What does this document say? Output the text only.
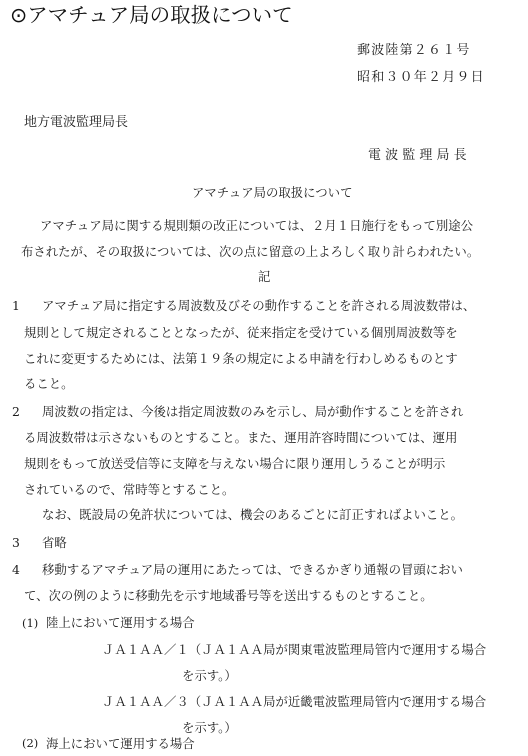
⊙アマチュア局の取扱について
郵波陸第２６１号
昭和３０年２月９日
地方電波監理局長
電 波 監 理 局 長
アマチュア局の取扱について
アマチュア局に関する規則類の改正については、２月１日施行をもって別途公
布されたが、その取扱については、次の点に留意の上よろしく取り計らわれたい。
記
1 アマチュア局に指定する周波数及びその動作することを許される周波数帯は、
規則として規定されることとなったが、従来指定を受けている個別周波数等を
これに変更するためには、法第１９条の規定による申請を行わしめるものとす
ること。
2 周波数の指定は、今後は指定周波数のみを示し、局が動作することを許され
る周波数帯は示さないものとすること。また、運用許容時間については、運用
規則をもって放送受信等に支障を与えない場合に限り運用しうることが明示
されているので、常時等とすること。
なお、既設局の免許状については、機会のあるごとに訂正すればよいこと。
3 省略
4 移動するアマチュア局の運用にあたっては、できるかぎり通報の冒頭におい
て、次の例のように移動先を示す地域番号等を送出するものとすること。
(1) 陸上において運用する場合
ＪＡ１ＡＡ／１（ＪＡ１ＡＡ局が関東電波監理局管内で運用する場合
を示す。）
ＪＡ１ＡＡ／３（ＪＡ１ＡＡ局が近畿電波監理局管内で運用する場合
を示す。）
(2) 海上において運用する場合
